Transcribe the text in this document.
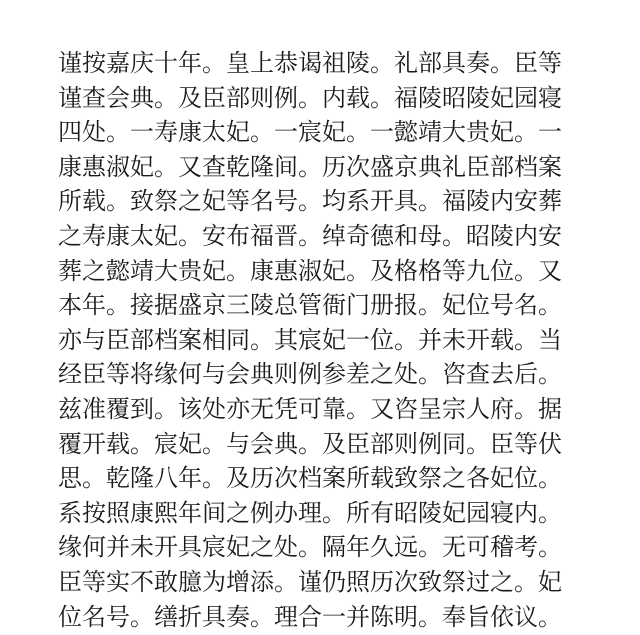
谨按嘉庆十年。皇上恭谒祖陵。礼部具奏。臣等
谨查会典。及臣部则例。内载。福陵昭陵妃园寝
四处。一寿康太妃。一宸妃。一懿靖大贵妃。一
康惠淑妃。又查乾隆间。历次盛京典礼臣部档案
所载。致祭之妃等名号。均系开具。福陵内安葬
之寿康太妃。安布福晋。绰奇德和母。昭陵内安
葬之懿靖大贵妃。康惠淑妃。及格格等九位。又
本年。接据盛京三陵总管衙门册报。妃位号名。
亦与臣部档案相同。其宸妃一位。并未开载。当
经臣等将缘何与会典则例参差之处。咨查去后。
兹准覆到。该处亦无凭可靠。又咨呈宗人府。据
覆开载。宸妃。与会典。及臣部则例同。臣等伏
思。乾隆八年。及历次档案所载致祭之各妃位。
系按照康熙年间之例办理。所有昭陵妃园寝内。
缘何并未开具宸妃之处。隔年久远。无可稽考。
臣等实不敢臆为增添。谨仍照历次致祭过之。妃
位名号。缮折具奏。理合一并陈明。奉旨依议。
